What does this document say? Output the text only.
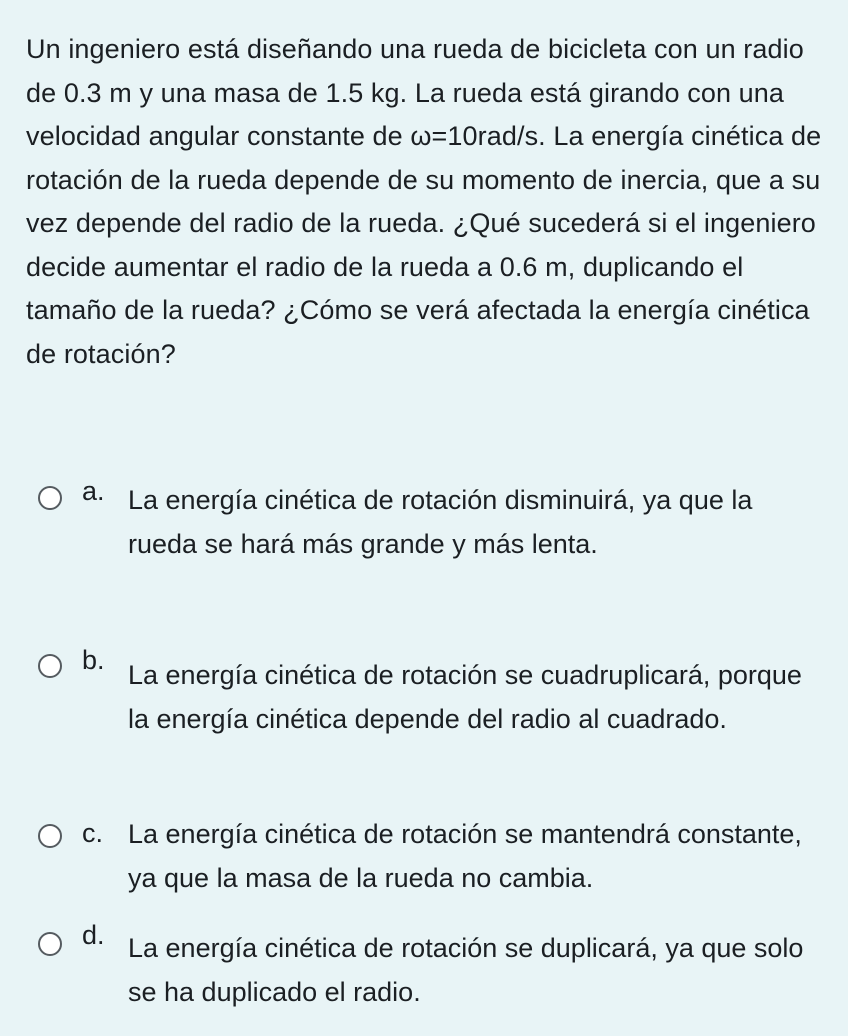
Un ingeniero está diseñando una rueda de bicicleta con un radio de 0.3 m y una masa de 1.5 kg. La rueda está girando con una velocidad angular constante de ω=10rad/s. La energía cinética de rotación de la rueda depende de su momento de inercia, que a su vez depende del radio de la rueda. ¿Qué sucederá si el ingeniero decide aumentar el radio de la rueda a 0.6 m, duplicando el tamaño de la rueda? ¿Cómo se verá afectada la energía cinética de rotación?

a. La energía cinética de rotación disminuirá, ya que la rueda se hará más grande y más lenta.
b. La energía cinética de rotación se cuadruplicará, porque la energía cinética depende del radio al cuadrado.
c. La energía cinética de rotación se mantendrá constante, ya que la masa de la rueda no cambia.
d. La energía cinética de rotación se duplicará, ya que solo se ha duplicado el radio.
